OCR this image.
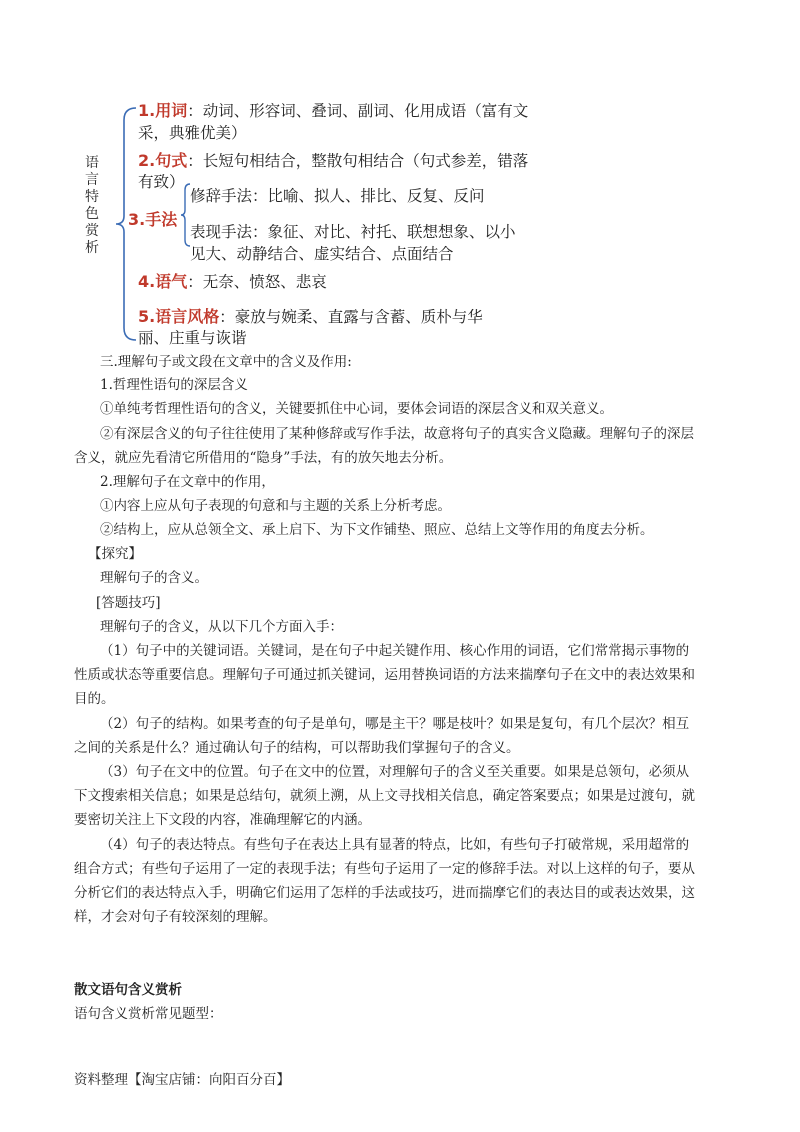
语言特色赏析
1.用词：动词、形容词、叠词、副词、化用成语（富有文
采，典雅优美）
2.句式：长短句相结合，整散句相结合（句式参差，错落
有致）
3.手法
修辞手法：比喻、拟人、排比、反复、反问
表现手法：象征、对比、衬托、联想想象、以小
见大、动静结合、虚实结合、点面结合
4.语气：无奈、愤怒、悲哀
5.语言风格：豪放与婉柔、直露与含蓄、质朴与华
丽、庄重与诙谐
三.理解句子或文段在文章中的含义及作用:
1.哲理性语句的深层含义
①单纯考哲理性语句的含义，关键要抓住中心词，要体会词语的深层含义和双关意义。
②有深层含义的句子往往使用了某种修辞或写作手法，故意将句子的真实含义隐藏。理解句子的深层
含义，就应先看清它所借用的“隐身”手法，有的放矢地去分析。
2.理解句子在文章中的作用，
①内容上应从句子表现的句意和与主题的关系上分析考虑。
②结构上，应从总领全文、承上启下、为下文作铺垫、照应、总结上文等作用的角度去分析。
【探究】
理解句子的含义。
[答题技巧]
理解句子的含义，从以下几个方面入手：
（1）句子中的关键词语。关键词，是在句子中起关键作用、核心作用的词语，它们常常揭示事物的
性质或状态等重要信息。理解句子可通过抓关键词，运用替换词语的方法来揣摩句子在文中的表达效果和
目的。
（2）句子的结构。如果考查的句子是单句，哪是主干？哪是枝叶？如果是复句，有几个层次？相互
之间的关系是什么？通过确认句子的结构，可以帮助我们掌握句子的含义。
（3）句子在文中的位置。句子在文中的位置，对理解句子的含义至关重要。如果是总领句，必须从
下文搜索相关信息；如果是总结句，就须上溯，从上文寻找相关信息，确定答案要点；如果是过渡句，就
要密切关注上下文段的内容，准确理解它的内涵。
（4）句子的表达特点。有些句子在表达上具有显著的特点，比如，有些句子打破常规，采用超常的
组合方式；有些句子运用了一定的表现手法；有些句子运用了一定的修辞手法。对以上这样的句子，要从
分析它们的表达特点入手，明确它们运用了怎样的手法或技巧，进而揣摩它们的表达目的或表达效果，这
样，才会对句子有较深刻的理解。
散文语句含义赏析
语句含义赏析常见题型：
资料整理【淘宝店铺：向阳百分百】
